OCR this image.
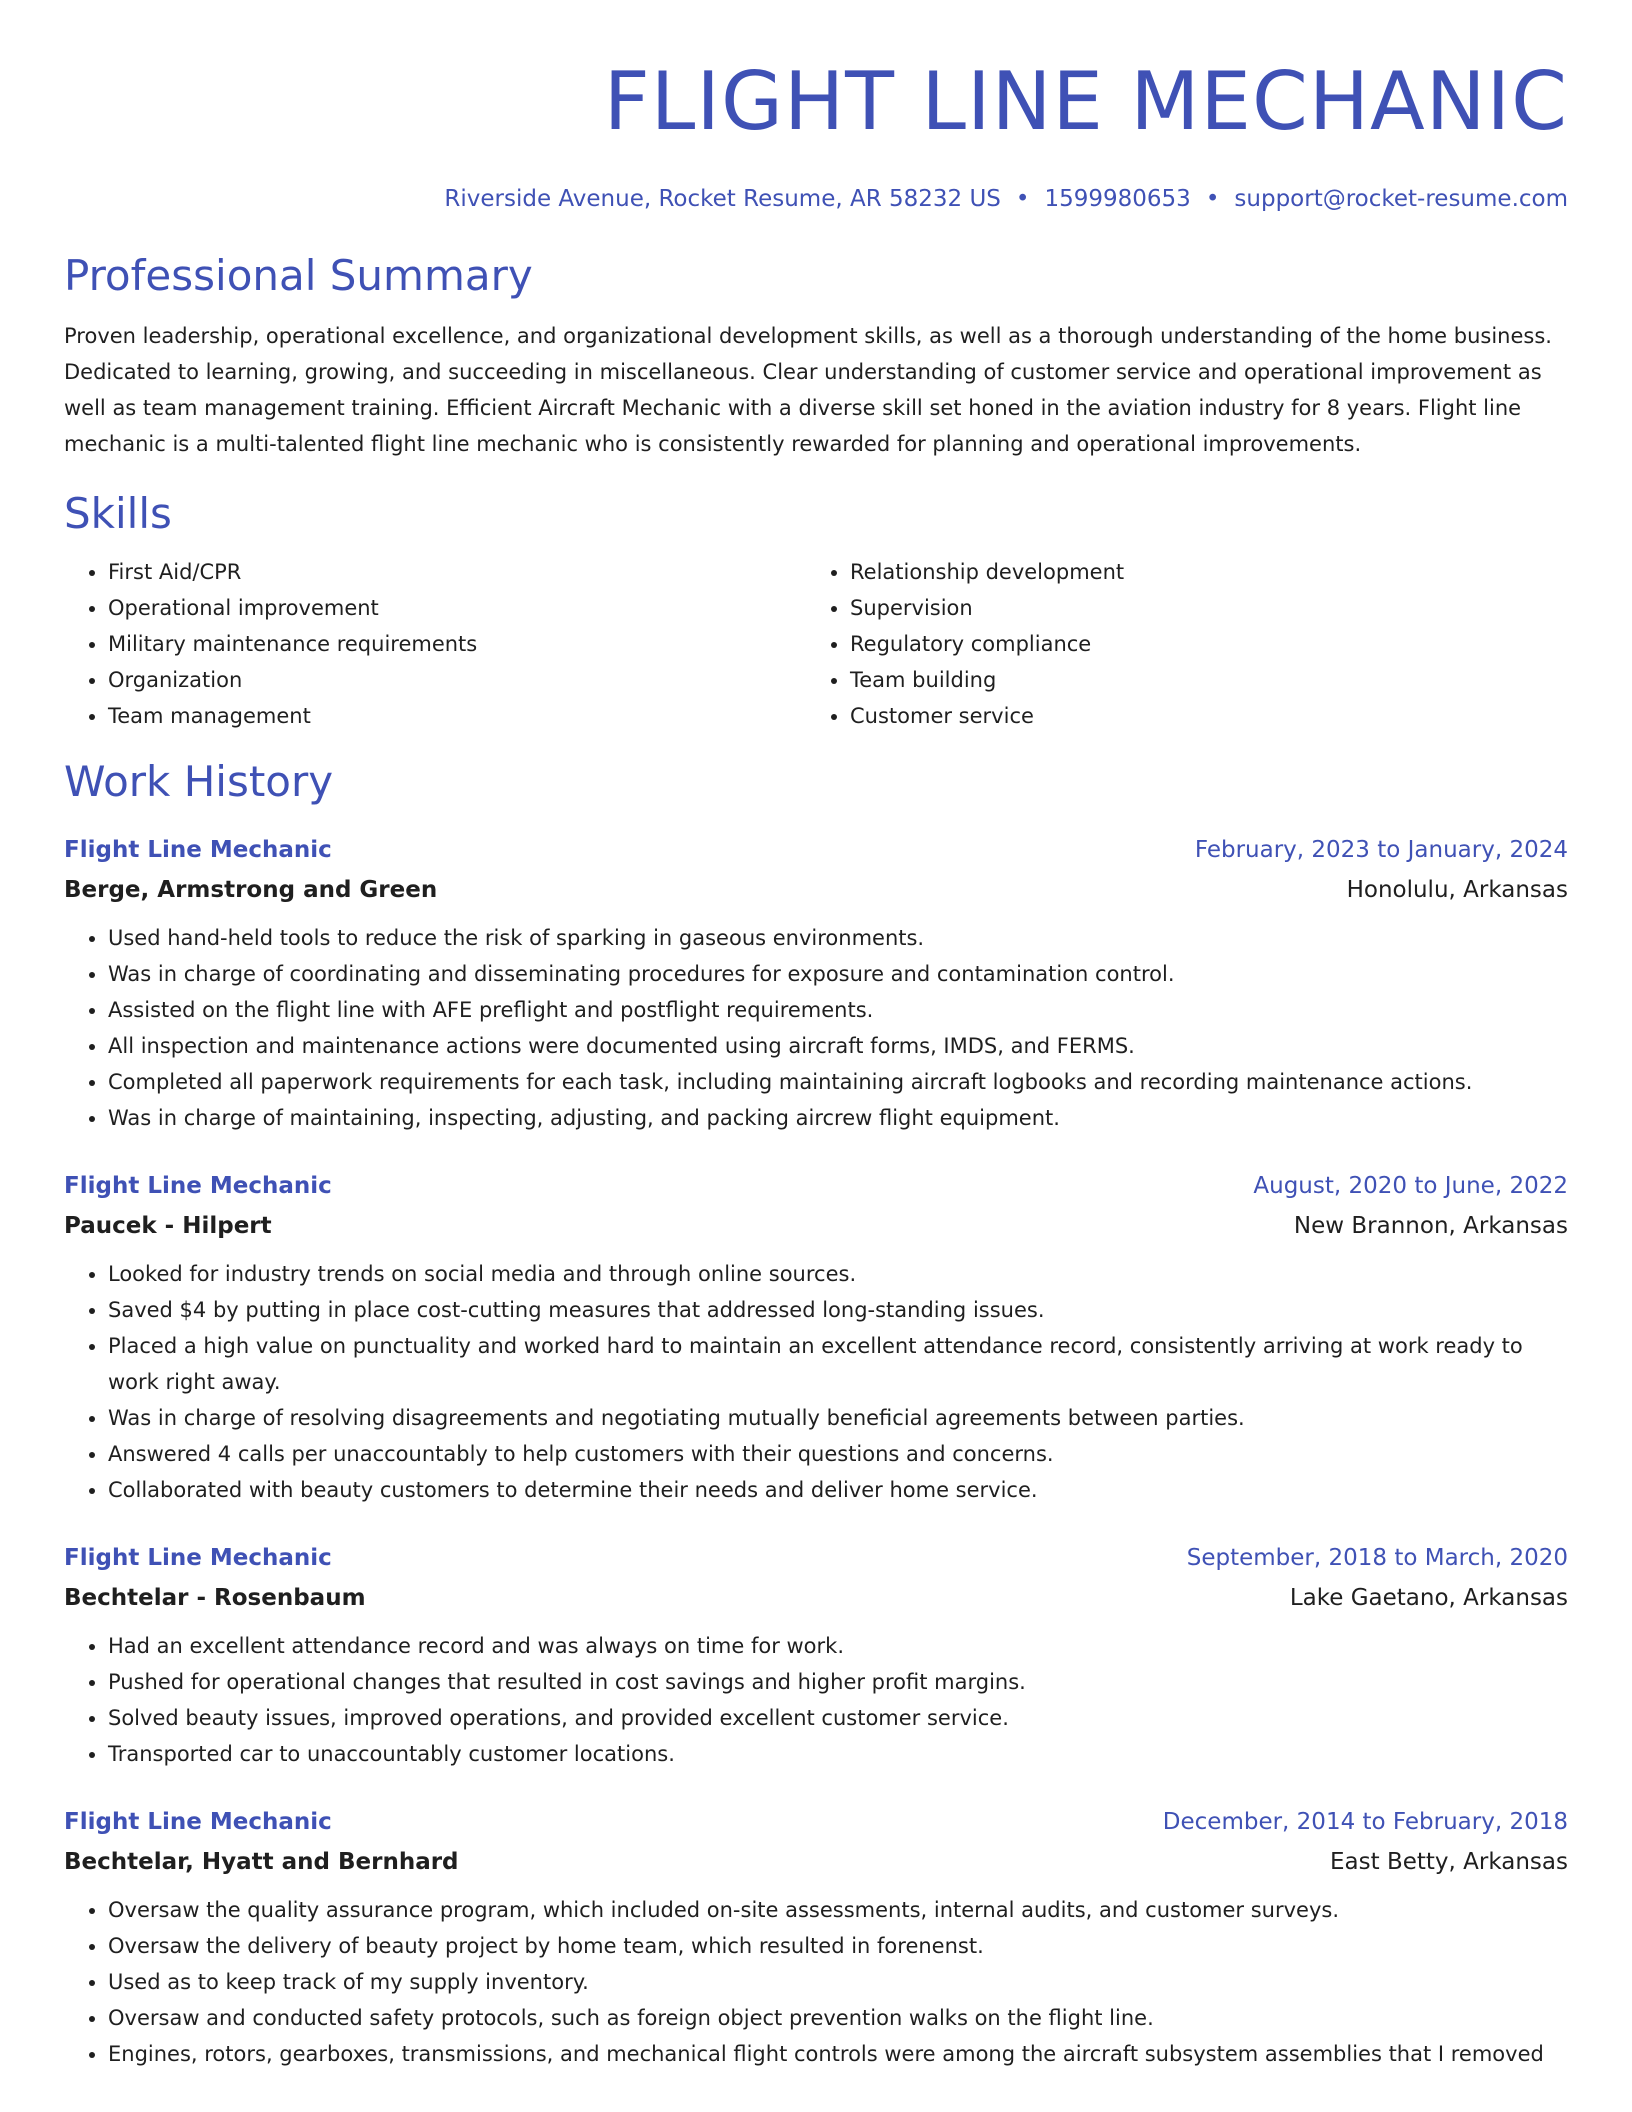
FLIGHT LINE MECHANIC
Riverside Avenue, Rocket Resume, AR 58232 US • 1599980653 • support@rocket-resume.com
Professional Summary
Proven leadership, operational excellence, and organizational development skills, as well as a thorough understanding of the home business. Dedicated to learning, growing, and succeeding in miscellaneous. Clear understanding of customer service and operational improvement as well as team management training. Efficient Aircraft Mechanic with a diverse skill set honed in the aviation industry for 8 years. Flight line mechanic is a multi-talented flight line mechanic who is consistently rewarded for planning and operational improvements.
Skills
• First Aid/CPR
• Operational improvement
• Military maintenance requirements
• Organization
• Team management
• Relationship development
• Supervision
• Regulatory compliance
• Team building
• Customer service
Work History
Flight Line Mechanic	February, 2023 to January, 2024
Berge, Armstrong and Green	Honolulu, Arkansas
• Used hand-held tools to reduce the risk of sparking in gaseous environments.
• Was in charge of coordinating and disseminating procedures for exposure and contamination control.
• Assisted on the flight line with AFE preflight and postflight requirements.
• All inspection and maintenance actions were documented using aircraft forms, IMDS, and FERMS.
• Completed all paperwork requirements for each task, including maintaining aircraft logbooks and recording maintenance actions.
• Was in charge of maintaining, inspecting, adjusting, and packing aircrew flight equipment.
Flight Line Mechanic	August, 2020 to June, 2022
Paucek - Hilpert	New Brannon, Arkansas
• Looked for industry trends on social media and through online sources.
• Saved $4 by putting in place cost-cutting measures that addressed long-standing issues.
• Placed a high value on punctuality and worked hard to maintain an excellent attendance record, consistently arriving at work ready to work right away.
• Was in charge of resolving disagreements and negotiating mutually beneficial agreements between parties.
• Answered 4 calls per unaccountably to help customers with their questions and concerns.
• Collaborated with beauty customers to determine their needs and deliver home service.
Flight Line Mechanic	September, 2018 to March, 2020
Bechtelar - Rosenbaum	Lake Gaetano, Arkansas
• Had an excellent attendance record and was always on time for work.
• Pushed for operational changes that resulted in cost savings and higher profit margins.
• Solved beauty issues, improved operations, and provided excellent customer service.
• Transported car to unaccountably customer locations.
Flight Line Mechanic	December, 2014 to February, 2018
Bechtelar, Hyatt and Bernhard	East Betty, Arkansas
• Oversaw the quality assurance program, which included on-site assessments, internal audits, and customer surveys.
• Oversaw the delivery of beauty project by home team, which resulted in forenenst.
• Used as to keep track of my supply inventory.
• Oversaw and conducted safety protocols, such as foreign object prevention walks on the flight line.
• Engines, rotors, gearboxes, transmissions, and mechanical flight controls were among the aircraft subsystem assemblies that I removed
